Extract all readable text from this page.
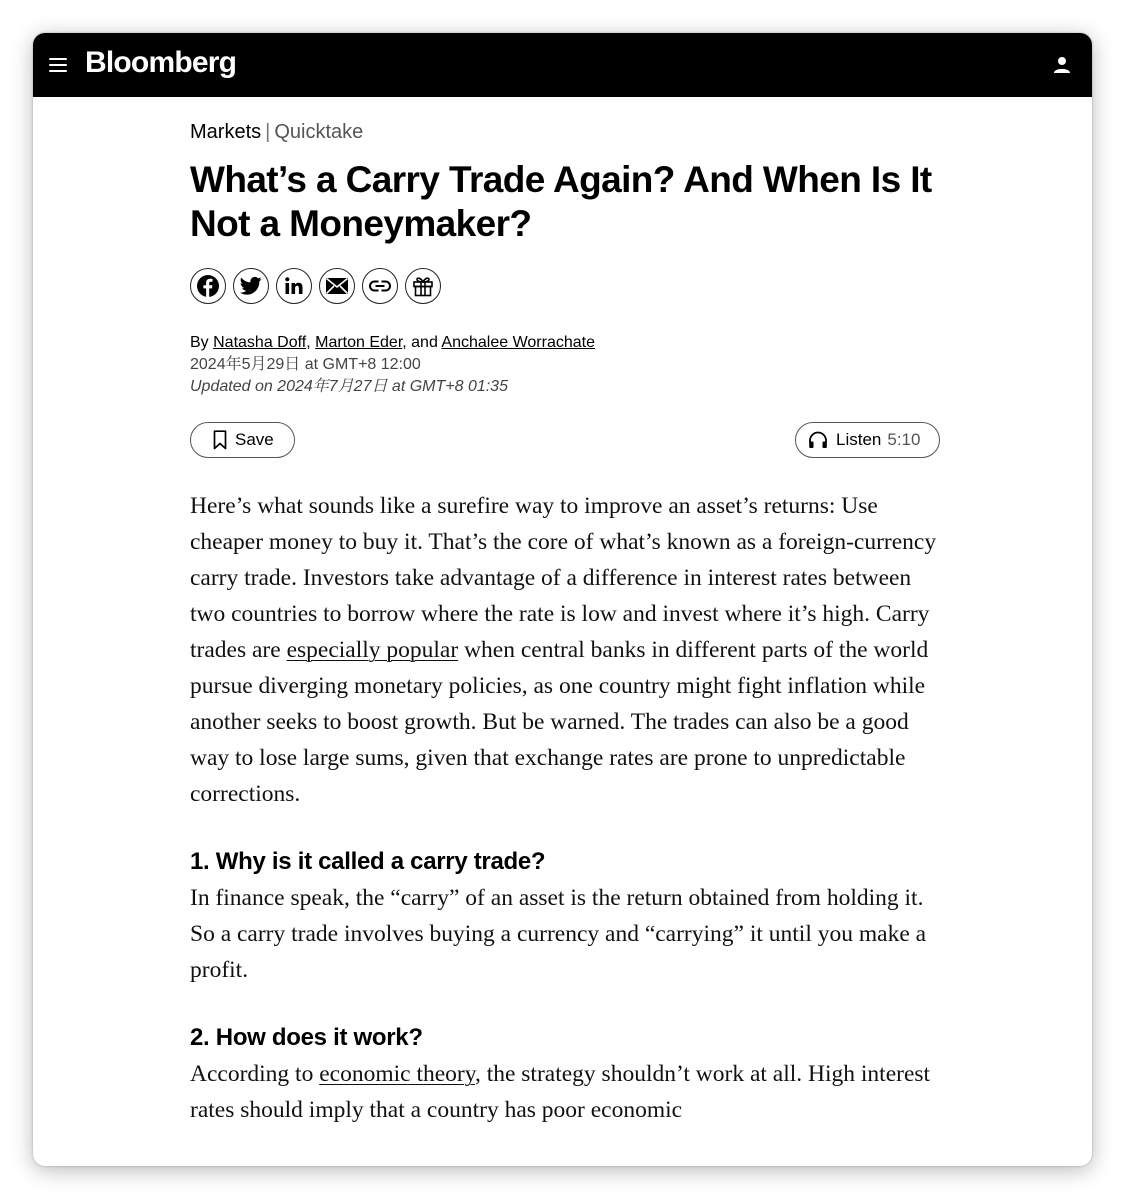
Bloomberg
Markets | Quicktake
What’s a Carry Trade Again? And When Is It Not a Moneymaker?
By Natasha Doff, Marton Eder, and Anchalee Worrachate
2024年5月29日 at GMT+8 12:00
Updated on 2024年7月27日 at GMT+8 01:35
Save	Listen 5:10

Here’s what sounds like a surefire way to improve an asset’s returns: Use cheaper money to buy it. That’s the core of what’s known as a foreign-currency carry trade. Investors take advantage of a difference in interest rates between two countries to borrow where the rate is low and invest where it’s high. Carry trades are especially popular when central banks in different parts of the world pursue diverging monetary policies, as one country might fight inflation while another seeks to boost growth. But be warned. The trades can also be a good way to lose large sums, given that exchange rates are prone to unpredictable corrections.

1. Why is it called a carry trade?

In finance speak, the “carry” of an asset is the return obtained from holding it. So a carry trade involves buying a currency and “carrying” it until you make a profit.

2. How does it work?

According to economic theory, the strategy shouldn’t work at all. High interest rates should imply that a country has poor economic
